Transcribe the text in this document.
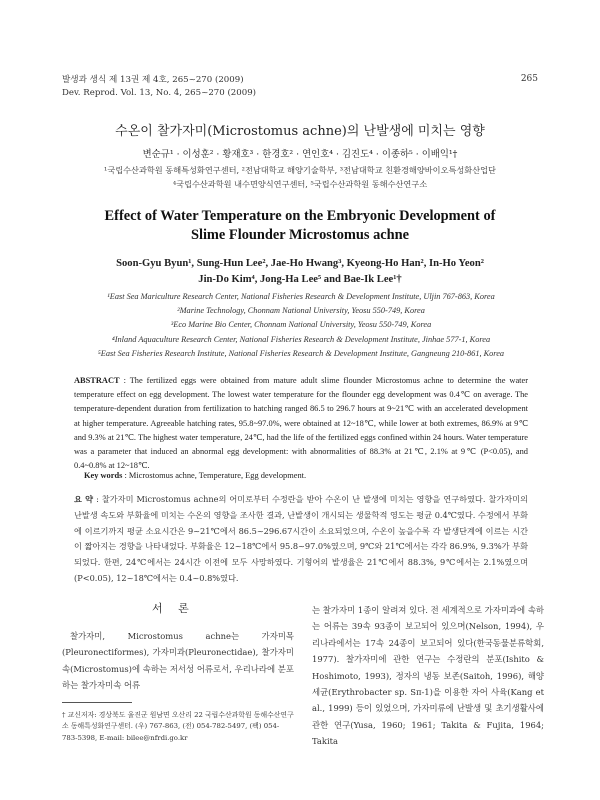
발생과 생식 제 13권 제 4호, 265~270 (2009)
Dev. Reprod. Vol. 13, No. 4, 265~270 (2009)
265
수온이 찰가자미(Microstomus achne)의 난발생에 미치는 영향
변순규¹ · 이성훈² · 황재호³ · 한경호² · 연인호⁴ · 김진도⁴ · 이종하⁵ · 이배익¹†
¹국립수산과학원 동해특성화연구센터, ²전남대학교 해양기술학부, ³전남대학교 친환경해양바이오특성화산업단
⁴국립수산과학원 내수면양식연구센터, ⁵국립수산과학원 동해수산연구소
Effect of Water Temperature on the Embryonic Development of
Slime Flounder Microstomus achne
Soon-Gyu Byun¹, Sung-Hun Lee², Jae-Ho Hwang³, Kyeong-Ho Han², In-Ho Yeon²
Jin-Do Kim⁴, Jong-Ha Lee⁵ and Bae-Ik Lee¹†
¹East Sea Mariculture Research Center, National Fisheries Research & Development Institute, Uljin 767-863, Korea
²Marine Technology, Chonnam National University, Yeosu 550-749, Korea
³Eco Marine Bio Center, Chonnam National University, Yeosu 550-749, Korea
⁴Inland Aquaculture Research Center, National Fisheries Research & Development Institute, Jinhae 577-1, Korea
⁵East Sea Fisheries Research Institute, National Fisheries Research & Development Institute, Gangneung 210-861, Korea
ABSTRACT : The fertilized eggs were obtained from mature adult slime flounder Microstomus achne to determine the water temperature effect on egg development. The lowest water temperature for the flounder egg development was 0.4℃ on average. The temperature-dependent duration from fertilization to hatching ranged 86.5 to 296.7 hours at 9~21℃ with an accelerated development at higher temperature. Agreeable hatching rates, 95.8~97.0%, were obtained at 12~18℃, while lower at both extremes, 86.9% at 9℃ and 9.3% at 21℃. The highest water temperature, 24℃, had the life of the fertilized eggs confined within 24 hours. Water temperature was a parameter that induced an abnormal egg development: with abnormalities of 88.3% at 21℃, 2.1% at 9℃ (P<0.05), and 0.4~0.8% at 12~18℃.
Key words : Microstomus achne, Temperature, Egg development.
요 약 : 찰가자미 Microstomus achne의 어미로부터 수정란을 받아 수온이 난 발생에 미치는 영향을 연구하였다. 찰가자미의 난발생 속도와 부화율에 미치는 수온의 영향을 조사한 결과, 난발생이 개시되는 생물학적 영도는 평균 0.4℃였다. 수정에서 부화에 이르기까지 평균 소요시간은 9~21℃에서 86.5~296.67시간이 소요되었으며, 수온이 높을수록 각 발생단계에 이르는 시간이 짧아지는 경향을 나타내었다. 부화율은 12~18℃에서 95.8~97.0%였으며, 9℃와 21℃에서는 각각 86.9%, 9.3%가 부화되었다. 한편, 24℃에서는 24시간 이전에 모두 사망하였다. 기형어의 발생율은 21℃에서 88.3%, 9℃에서는 2.1%였으며(P<0.05), 12~18℃에서는 0.4~0.8%였다.
서 론
찰가자미, Microstomus achne는 가자미목(Pleuronectiformes), 가자미과(Pleuronectidae), 찰가자미속(Microstomus)에 속하는 저서성 어류로서, 우리나라에 분포하는 찰가자미속 어류
† 교신저자: 경상북도 울진군 원남면 오산리 22 국립수산과학원 동해수산연구소 동해특성화연구센터. (우) 767-863, (전) 054-782-5497, (팩) 054-783-5398, E-mail: bilee@nfrdi.go.kr
는 찰가자미 1종이 알려져 있다. 전 세계적으로 가자미과에 속하는 어류는 39속 93종이 보고되어 있으며(Nelson, 1994), 우리나라에서는 17속 24종이 보고되어 있다(한국동물분류학회, 1977). 찰가자미에 관한 연구는 수정란의 분포(Ishito & Hoshimoto, 1993), 정자의 냉동 보존(Saitoh, 1996), 해양세균(Erythrobacter sp. Sπ-1)을 이용한 자어 사육(Kang et al., 1999) 등이 있었으며, 가자미류에 난발생 및 초기생활사에 관한 연구(Yusa, 1960; 1961; Takita & Fujita, 1964; Takita
